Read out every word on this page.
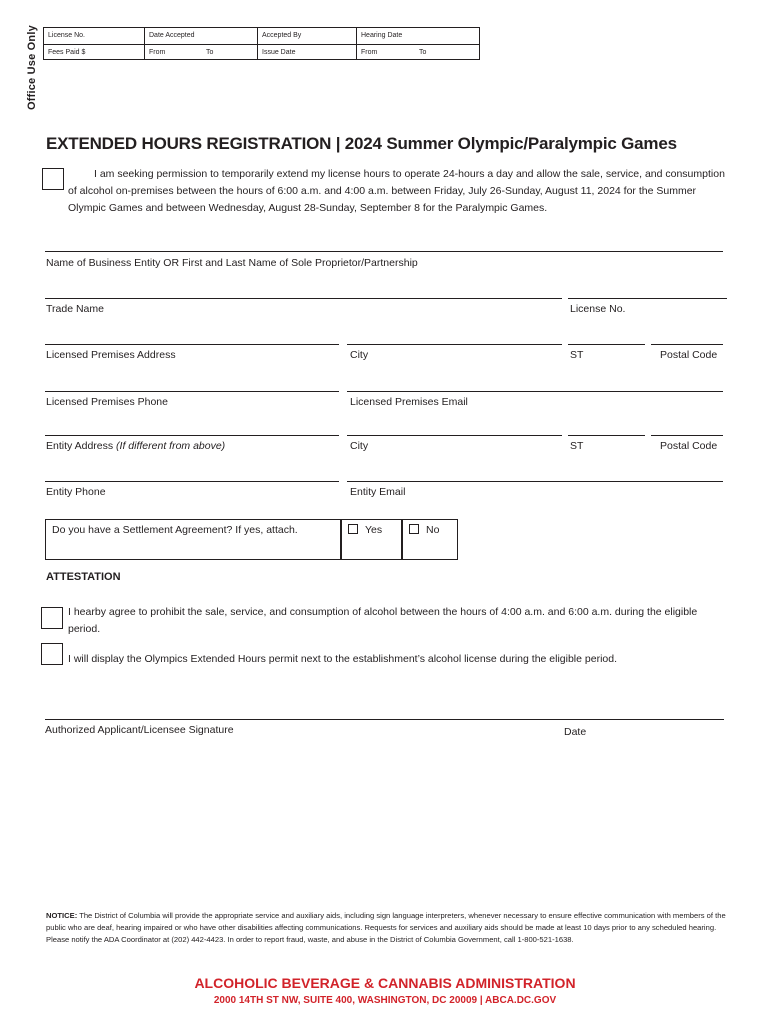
Office Use Only	License No.	Date Accepted	Accepted By	Hearing Date
Fees Paid $	From	To	Issue Date	From	To
EXTENDED HOURS REGISTRATION | 2024 Summer Olympic/Paralympic Games
I am seeking permission to temporarily extend my license hours to operate 24-hours a day and allow the sale, service, and consumption of alcohol on-premises between the hours of 6:00 a.m. and 4:00 a.m. between Friday, July 26-Sunday, August 11, 2024 for the Summer Olympic Games and between Wednesday, August 28-Sunday, September 8 for the Paralympic Games.
Name of Business Entity OR First and Last Name of Sole Proprietor/Partnership
Trade Name	License No.
Licensed Premises Address	City	ST	Postal Code
Licensed Premises Phone	Licensed Premises Email
Entity Address (If different from above)	City	ST	Postal Code
Entity Phone	Entity Email
Do you have a Settlement Agreement? If yes, attach.	Yes	No
ATTESTATION
I hearby agree to prohibit the sale, service, and consumption of alcohol between the hours of 4:00 a.m. and 6:00 a.m. during the eligible period.
I will display the Olympics Extended Hours permit next to the establishment’s alcohol license during the eligible period.
Authorized Applicant/Licensee Signature	Date
NOTICE: The District of Columbia will provide the appropriate service and auxiliary aids, including sign language interpreters, whenever necessary to ensure effective communication with members of the public who are deaf, hearing impaired or who have other disabilities affecting communications. Requests for services and auxiliary aids should be made at least 10 days prior to any scheduled hearing. Please notify the ADA Coordinator at (202) 442-4423. In order to report fraud, waste, and abuse in the District of Columbia Government, call 1-800-521-1638.
ALCOHOLIC BEVERAGE & CANNABIS ADMINISTRATION
2000 14TH ST NW, SUITE 400, WASHINGTON, DC 20009 | ABCA.DC.GOV
